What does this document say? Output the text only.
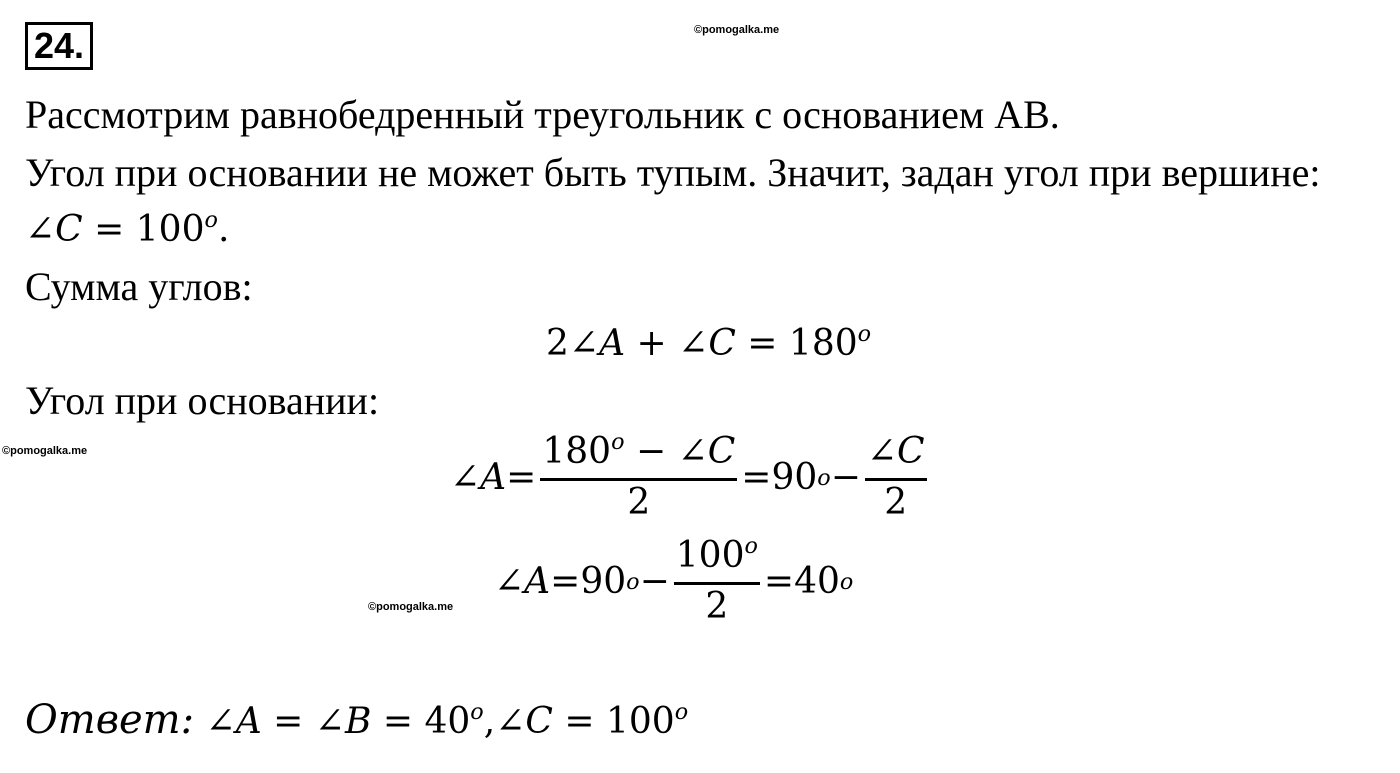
24.	©pomogalka.me
©pomogalka.me
©pomogalka.me
Рассмотрим равнобедренный треугольник с основанием АВ.
Угол при основании не может быть тупым. Значит, задан угол при вершине:
∠C = $100^o$.
Сумма углов:
2∠A + ∠C = $180^o$
Угол при основании:
∠ $A = \frac{180^o - \angle C}{2} = 90$ $o - \frac{\angle C}{2}$
∠ A = 90 $o - \frac{100^o}{2} = 40$ o
Ответ: ∠A = ∠B = $40^o,\angle C = 100^o$
